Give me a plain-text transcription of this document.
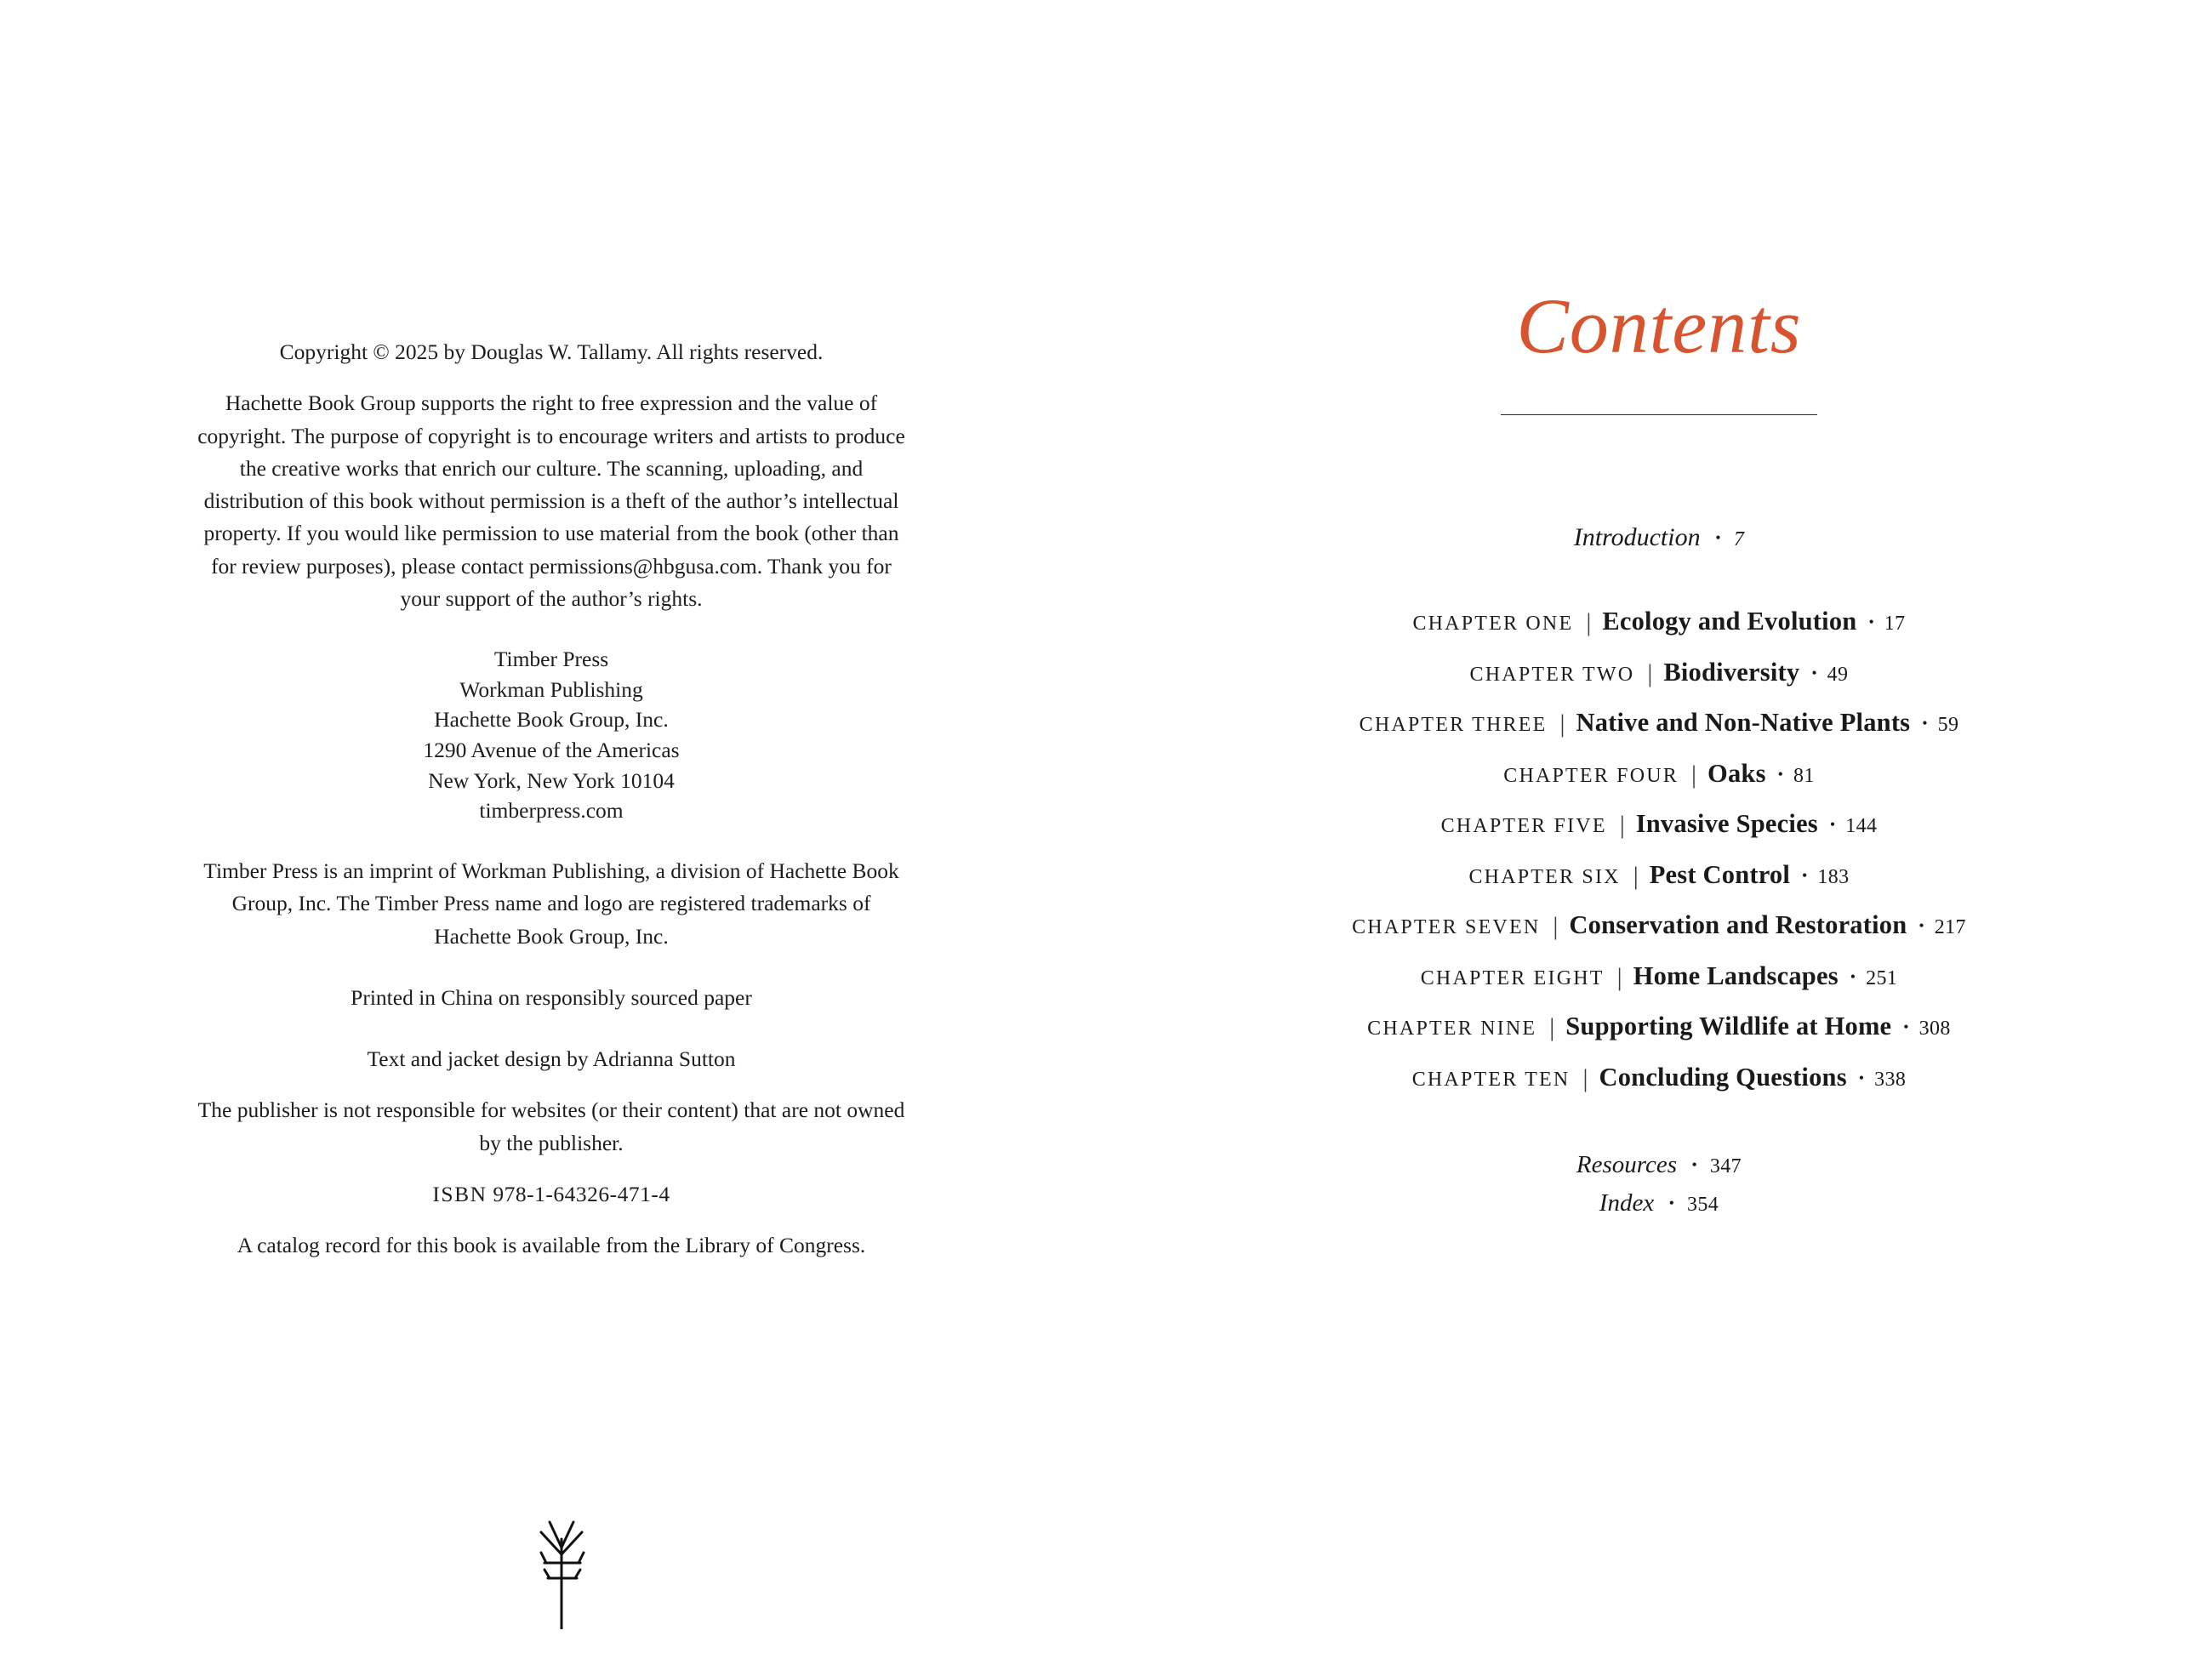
Copyright © 2025 by Douglas W. Tallamy. All rights reserved.

Hachette Book Group supports the right to free expression and the value of copyright. The purpose of copyright is to encourage writers and artists to produce the creative works that enrich our culture. The scanning, uploading, and distribution of this book without permission is a theft of the author’s intellectual property. If you would like permission to use material from the book (other than for review purposes), please contact permissions@hbgusa.com. Thank you for your support of the author’s rights.

Timber Press
Workman Publishing
Hachette Book Group, Inc.
1290 Avenue of the Americas
New York, New York 10104
timberpress.com

Timber Press is an imprint of Workman Publishing, a division of Hachette Book Group, Inc. The Timber Press name and logo are registered trademarks of Hachette Book Group, Inc.

Printed in China on responsibly sourced paper

Text and jacket design by Adrianna Sutton

The publisher is not responsible for websites (or their content) that are not owned by the publisher.

ISBN 978-1-64326-471-4

A catalog record for this book is available from the Library of Congress.

Contents
Introduction • 7
CHAPTER ONE | Ecology and Evolution • 17
CHAPTER TWO | Biodiversity • 49
CHAPTER THREE | Native and Non-Native Plants • 59
CHAPTER FOUR | Oaks • 81
CHAPTER FIVE | Invasive Species • 144
CHAPTER SIX | Pest Control • 183
CHAPTER SEVEN | Conservation and Restoration • 217
CHAPTER EIGHT | Home Landscapes • 251
CHAPTER NINE | Supporting Wildlife at Home • 308
CHAPTER TEN | Concluding Questions • 338
Resources • 347
Index • 354
